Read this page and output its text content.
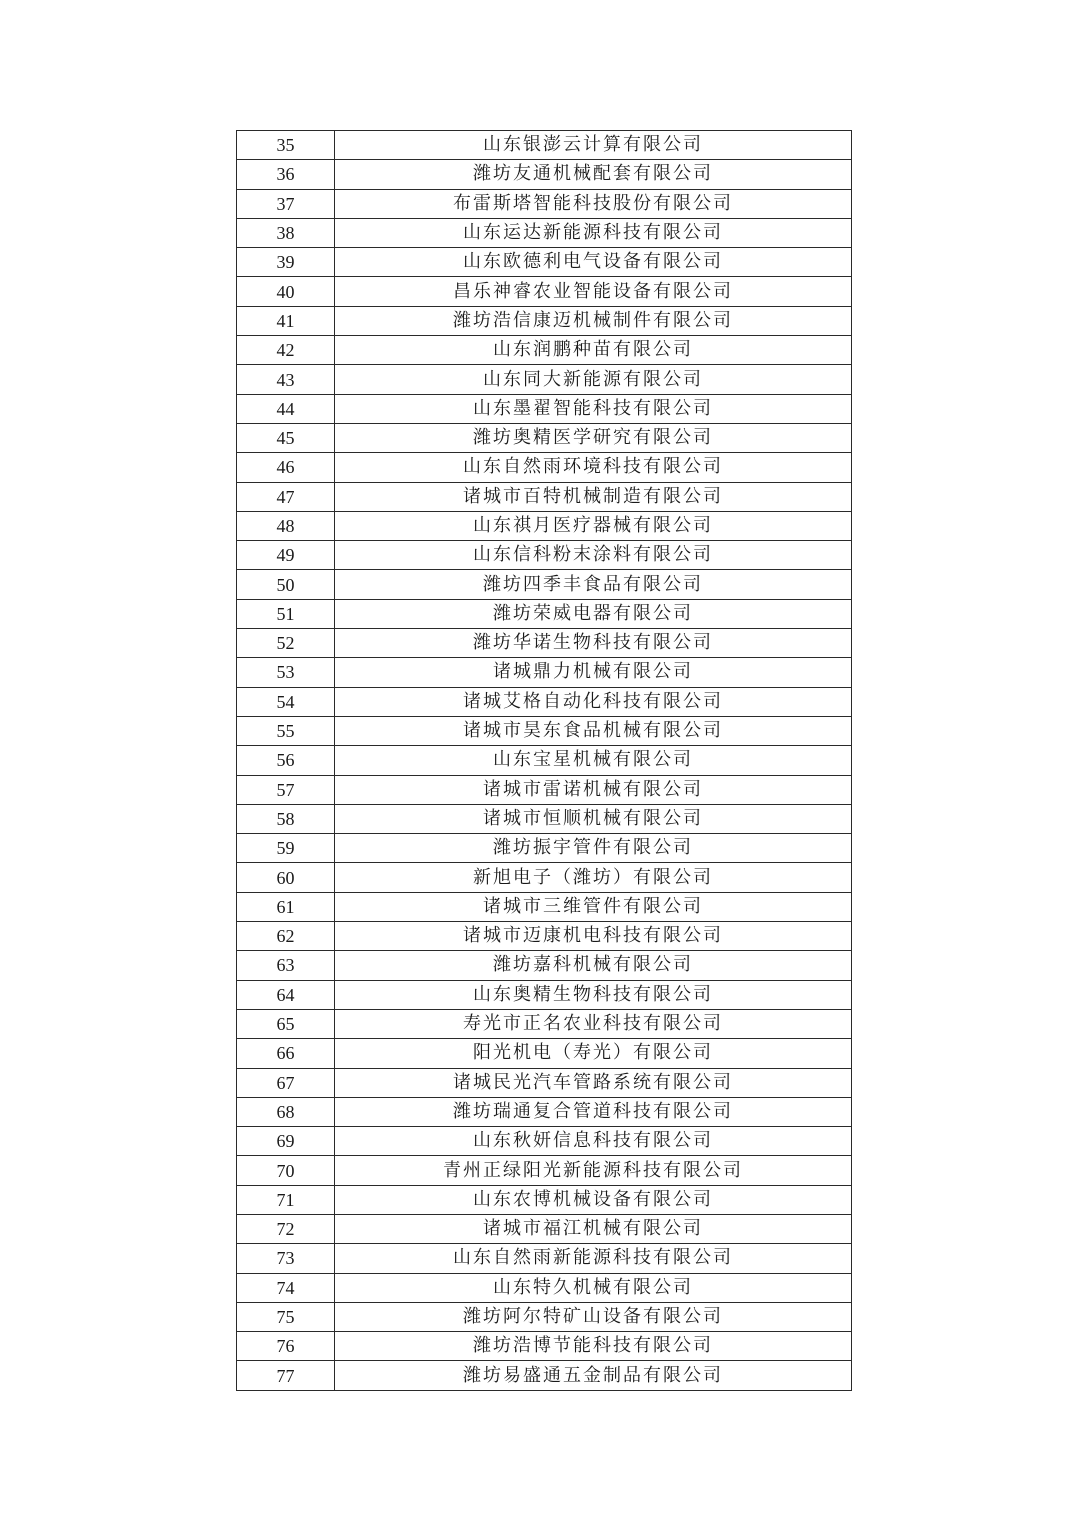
35	山东银澎云计算有限公司
36	潍坊友通机械配套有限公司
37	布雷斯塔智能科技股份有限公司
38	山东运达新能源科技有限公司
39	山东欧德利电气设备有限公司
40	昌乐神睿农业智能设备有限公司
41	潍坊浩信康迈机械制件有限公司
42	山东润鹏种苗有限公司
43	山东同大新能源有限公司
44	山东墨翟智能科技有限公司
45	潍坊奥精医学研究有限公司
46	山东自然雨环境科技有限公司
47	诸城市百特机械制造有限公司
48	山东祺月医疗器械有限公司
49	山东信科粉末涂料有限公司
50	潍坊四季丰食品有限公司
51	潍坊荣威电器有限公司
52	潍坊华诺生物科技有限公司
53	诸城鼎力机械有限公司
54	诸城艾格自动化科技有限公司
55	诸城市昊东食品机械有限公司
56	山东宝星机械有限公司
57	诸城市雷诺机械有限公司
58	诸城市恒顺机械有限公司
59	潍坊振宇管件有限公司
60	新旭电子（潍坊）有限公司
61	诸城市三维管件有限公司
62	诸城市迈康机电科技有限公司
63	潍坊嘉科机械有限公司
64	山东奥精生物科技有限公司
65	寿光市正名农业科技有限公司
66	阳光机电（寿光）有限公司
67	诸城民光汽车管路系统有限公司
68	潍坊瑞通复合管道科技有限公司
69	山东秋妍信息科技有限公司
70	青州正绿阳光新能源科技有限公司
71	山东农博机械设备有限公司
72	诸城市福江机械有限公司
73	山东自然雨新能源科技有限公司
74	山东特久机械有限公司
75	潍坊阿尔特矿山设备有限公司
76	潍坊浩博节能科技有限公司
77	潍坊易盛通五金制品有限公司
